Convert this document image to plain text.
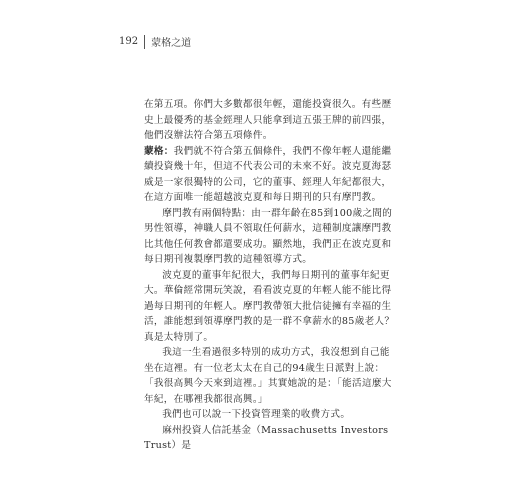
192 蒙格之道

在第五項。你們大多數都很年輕，還能投資很久。有些歷史上最優秀的基金經理人只能拿到這五張王牌的前四張，他們沒辦法符合第五項條件。

蒙格：我們就不符合第五個條件，我們不像年輕人還能繼續投資幾十年，但這不代表公司的未來不好。波克夏海瑟威是一家很獨特的公司，它的董事、經理人年紀都很大，在這方面唯一能超越波克夏和每日期刊的只有摩門教。

摩門教有兩個特點：由一群年齡在85到100歲之間的男性領導，神職人員不領取任何薪水，這種制度讓摩門教比其他任何教會都還要成功。顯然地，我們正在波克夏和每日期刊複製摩門教的這種領導方式。

波克夏的董事年紀很大，我們每日期刊的董事年紀更大。華倫經常開玩笑說，看看波克夏的年輕人能不能比得過每日期刊的年輕人。摩門教帶領大批信徒擁有幸福的生活，誰能想到領導摩門教的是一群不拿薪水的85歲老人？真是太特別了。

我這一生看過很多特別的成功方式，我沒想到自己能坐在這裡。有一位老太太在自己的94歲生日派對上說：「我很高興今天來到這裡。」其實她說的是：「能活這麼大年紀，在哪裡我都很高興。」

我們也可以說一下投資管理業的收費方式。

麻州投資人信託基金（Massachusetts Investors Trust）是
